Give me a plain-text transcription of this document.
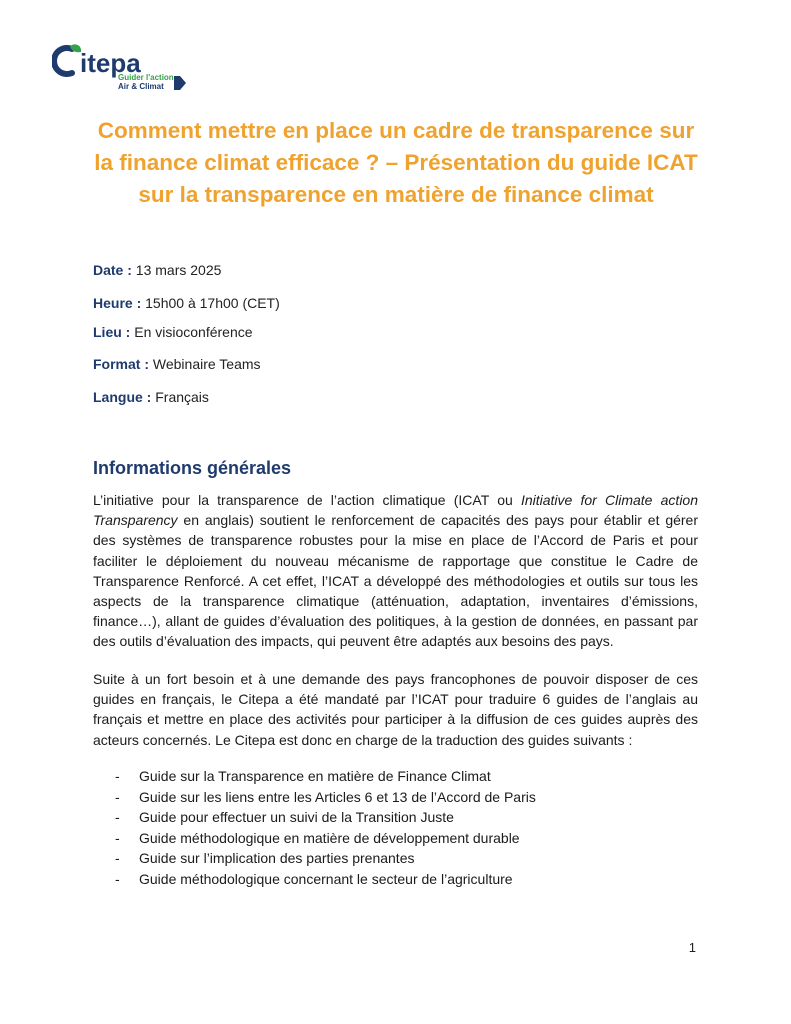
itepa
Guider l'action
Air & Climat
Comment mettre en place un cadre de transparence sur
la finance climat efficace ? – Présentation du guide ICAT
sur la transparence en matière de finance climat
Date : 13 mars 2025
Heure : 15h00 à 17h00 (CET)
Lieu : En visioconférence
Format : Webinaire Teams
Langue : Français
Informations générales

L’initiative pour la transparence de l’action climatique (ICAT ou Initiative for Climate action Transparency en anglais) soutient le renforcement de capacités des pays pour établir et gérer des systèmes de transparence robustes pour la mise en place de l’Accord de Paris et pour faciliter le déploiement du nouveau mécanisme de rapportage que constitue le Cadre de Transparence Renforcé. A cet effet, l’ICAT a développé des méthodologies et outils sur tous les aspects de la transparence climatique (atténuation, adaptation, inventaires d’émissions, finance…), allant de guides d’évaluation des politiques, à la gestion de données, en passant par des outils d’évaluation des impacts, qui peuvent être adaptés aux besoins des pays.

Suite à un fort besoin et à une demande des pays francophones de pouvoir disposer de ces guides en français, le Citepa a été mandaté par l’ICAT pour traduire 6 guides de l’anglais au français et mettre en place des activités pour participer à la diffusion de ces guides auprès des acteurs concernés. Le Citepa est donc en charge de la traduction des guides suivants :

- Guide sur la Transparence en matière de Finance Climat
- Guide sur les liens entre les Articles 6 et 13 de l’Accord de Paris
- Guide pour effectuer un suivi de la Transition Juste
- Guide méthodologique en matière de développement durable
- Guide sur l’implication des parties prenantes
- Guide méthodologique concernant le secteur de l’agriculture
1
